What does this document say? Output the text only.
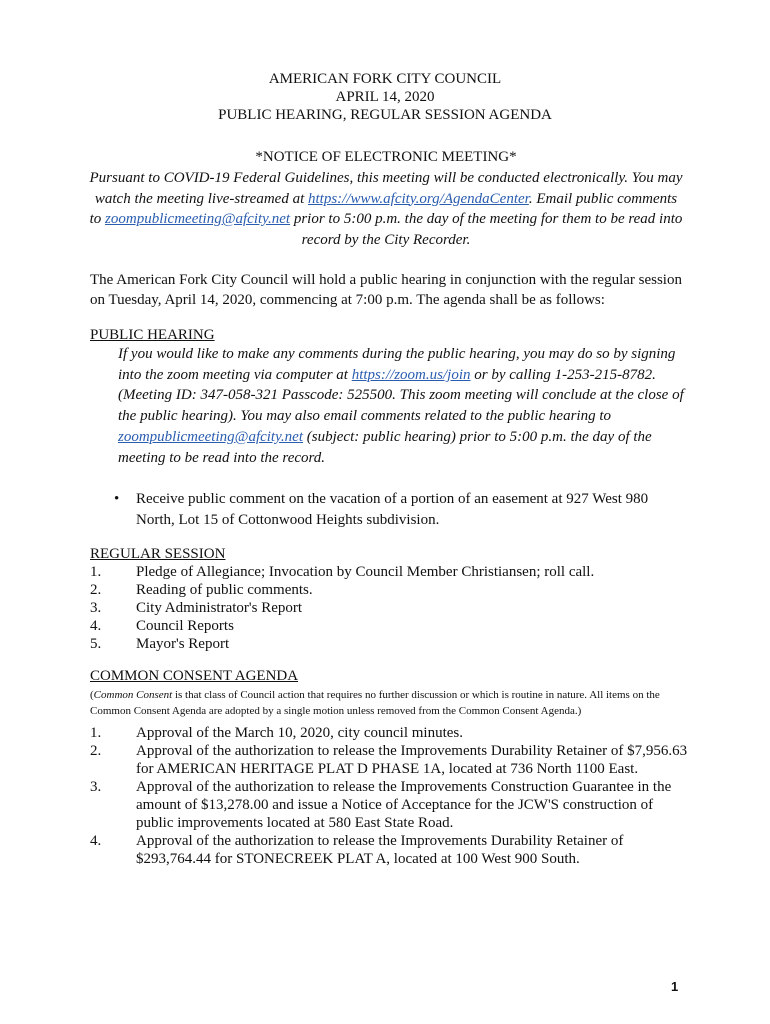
AMERICAN FORK CITY COUNCIL
APRIL 14, 2020
PUBLIC HEARING, REGULAR SESSION AGENDA
*NOTICE OF ELECTRONIC MEETING*
Pursuant to COVID-19 Federal Guidelines, this meeting will be conducted electronically. You may watch the meeting live-streamed at https://www.afcity.org/AgendaCenter. Email public comments to zoompublicmeeting@afcity.net prior to 5:00 p.m. the day of the meeting for them to be read into record by the City Recorder.
The American Fork City Council will hold a public hearing in conjunction with the regular session on Tuesday, April 14, 2020, commencing at 7:00 p.m. The agenda shall be as follows:
PUBLIC HEARING
If you would like to make any comments during the public hearing, you may do so by signing into the zoom meeting via computer at https://zoom.us/join or by calling 1-253-215-8782. (Meeting ID: 347-058-321 Passcode: 525500. This zoom meeting will conclude at the close of the public hearing). You may also email comments related to the public hearing to zoompublicmeeting@afcity.net (subject: public hearing) prior to 5:00 p.m. the day of the meeting to be read into the record.
• Receive public comment on the vacation of a portion of an easement at 927 West 980 North, Lot 15 of Cottonwood Heights subdivision.
REGULAR SESSION
1. Pledge of Allegiance; Invocation by Council Member Christiansen; roll call.
2. Reading of public comments.
3. City Administrator's Report
4. Council Reports
5. Mayor's Report
COMMON CONSENT AGENDA
(Common Consent is that class of Council action that requires no further discussion or which is routine in nature. All items on the Common Consent Agenda are adopted by a single motion unless removed from the Common Consent Agenda.)
1. Approval of the March 10, 2020, city council minutes.
2. Approval of the authorization to release the Improvements Durability Retainer of $7,956.63 for AMERICAN HERITAGE PLAT D PHASE 1A, located at 736 North 1100 East.
3. Approval of the authorization to release the Improvements Construction Guarantee in the amount of $13,278.00 and issue a Notice of Acceptance for the JCW'S construction of public improvements located at 580 East State Road.
4. Approval of the authorization to release the Improvements Durability Retainer of $293,764.44 for STONECREEK PLAT A, located at 100 West 900 South.
1
